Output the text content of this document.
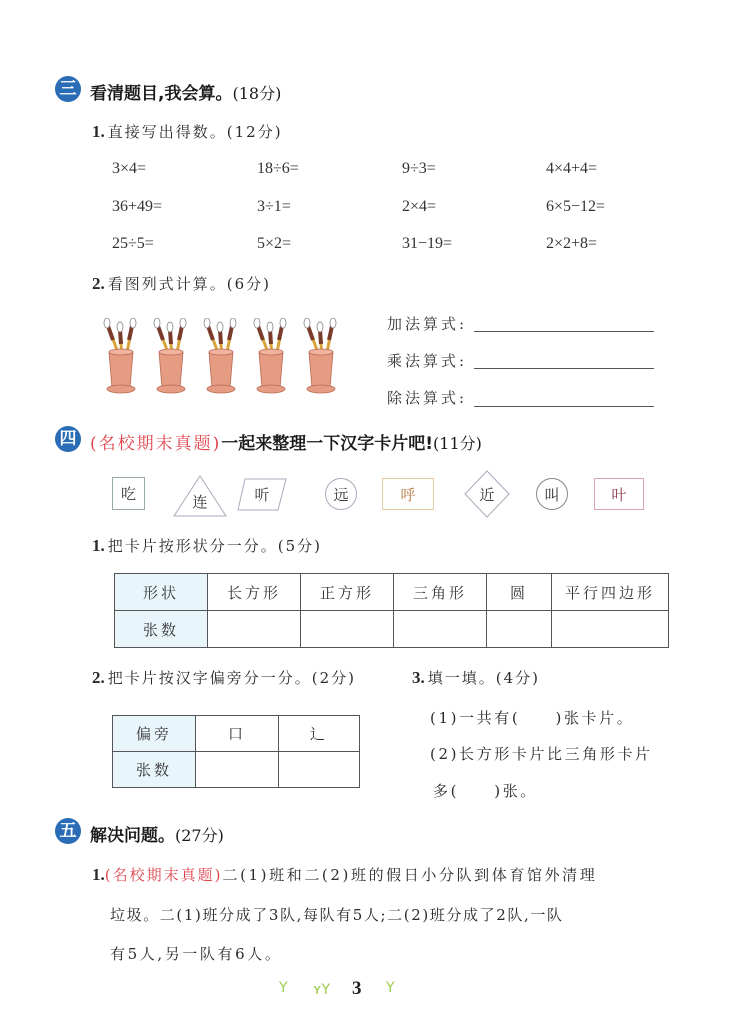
三 看清题目,我会算。(18分)
1. 直接写出得数。(12分)
3×4=	18÷6=	9÷3=	4×4+4=
36+49=	3÷1=	2×4=	6×5−12=
25÷5=	5×2=	31−19=	2×2+8=
2. 看图列式计算。(6分)
加法算式:
乘法算式:
除法算式:
四 (名校期末真题)一起来整理一下汉字卡片吧!(11分)
吃	连	听	远	呼	近	叫	叶
1. 把卡片按形状分一分。(5分)
形状	长方形	正方形	三角形	圆	平行四边形
张数					
2. 把卡片按汉字偏旁分一分。(2分)
偏旁	口	辶
张数		
3. 填一填。(4分)
(1)一共有(　　)张卡片。
(2)长方形卡片比三角形卡片
多(　　)张。
五 解决问题。(27分)
1.(名校期末真题)二(1)班和二(2)班的假日小分队到体育馆外清理
垃圾。二(1)班分成了3队,每队有5人;二(2)班分成了2队,一队
有5人,另一队有6人。
Y ʏY 3 Y
